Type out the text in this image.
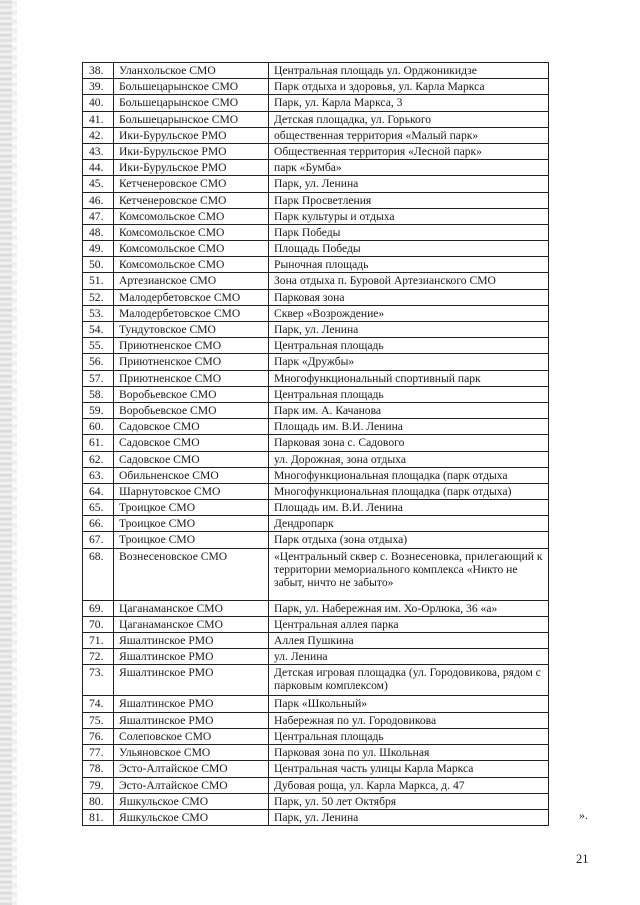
38.	Уланхольское СМО	Центральная площадь ул. Орджоникидзе
39.	Большецарынское СМО	Парк отдыха и здоровья, ул. Карла Маркса
40.	Большецарынское СМО	Парк, ул. Карла Маркса, 3
41.	Большецарынское СМО	Детская площадка, ул. Горького
42.	Ики-Бурульское РМО	общественная территория «Малый парк»
43.	Ики-Бурульское РМО	Общественная территория «Лесной парк»
44.	Ики-Бурульское РМО	парк «Бумба»
45.	Кетченеровское СМО	Парк, ул. Ленина
46.	Кетченеровское СМО	Парк Просветления
47.	Комсомольское СМО	Парк культуры и отдыха
48.	Комсомольское СМО	Парк Победы
49.	Комсомольское СМО	Площадь Победы
50.	Комсомольское СМО	Рыночная площадь
51.	Артезианское СМО	Зона отдыха п. Буровой Артезианского СМО
52.	Малодербетовское СМО	Парковая зона
53.	Малодербетовское СМО	Сквер «Возрождение»
54.	Тундутовское СМО	Парк, ул. Ленина
55.	Приютненское СМО	Центральная площадь
56.	Приютненское СМО	Парк «Дружбы»
57.	Приютненское СМО	Многофункциональный спортивный парк
58.	Воробьевское СМО	Центральная площадь
59.	Воробьевское СМО	Парк им. А. Качанова
60.	Садовское СМО	Площадь им. В.И. Ленина
61.	Садовское СМО	Парковая зона с. Садового
62.	Садовское СМО	ул. Дорожная, зона отдыха
63.	Обильненское СМО	Многофункциональная площадка (парк отдыха
64.	Шарнутовское СМО	Многофункциональная площадка (парк отдыха)
65.	Троицкое СМО	Площадь им. В.И. Ленина
66.	Троицкое СМО	Дендропарк
67.	Троицкое СМО	Парк отдыха (зона отдыха)
68.	Вознесеновское СМО	«Центральный сквер с. Вознесеновка, прилегающий к территории мемориального комплекса «Никто не забыт, ничто не забыто»
69.	Цаганаманское СМО	Парк, ул. Набережная им. Хо-Орлюка, 36 «а»
70.	Цаганаманское СМО	Центральная аллея парка
71.	Яшалтинское РМО	Аллея Пушкина
72.	Яшалтинское РМО	ул. Ленина
73.	Яшалтинское РМО	Детская игровая площадка (ул. Городовикова, рядом с парковым комплексом)
74.	Яшалтинское РМО	Парк «Школьный»
75.	Яшалтинское РМО	Набережная по ул. Городовикова
76.	Солеповское СМО	Центральная площадь
77.	Ульяновское СМО	Парковая зона по ул. Школьная
78.	Эсто-Алтайское СМО	Центральная часть улицы Карла Маркса
79.	Эсто-Алтайское СМО	Дубовая роща, ул. Карла Маркса, д. 47
80.	Яшкульское СМО	Парк, ул. 50 лет Октября
81.	Яшкульское СМО	Парк, ул. Ленина	».
21
